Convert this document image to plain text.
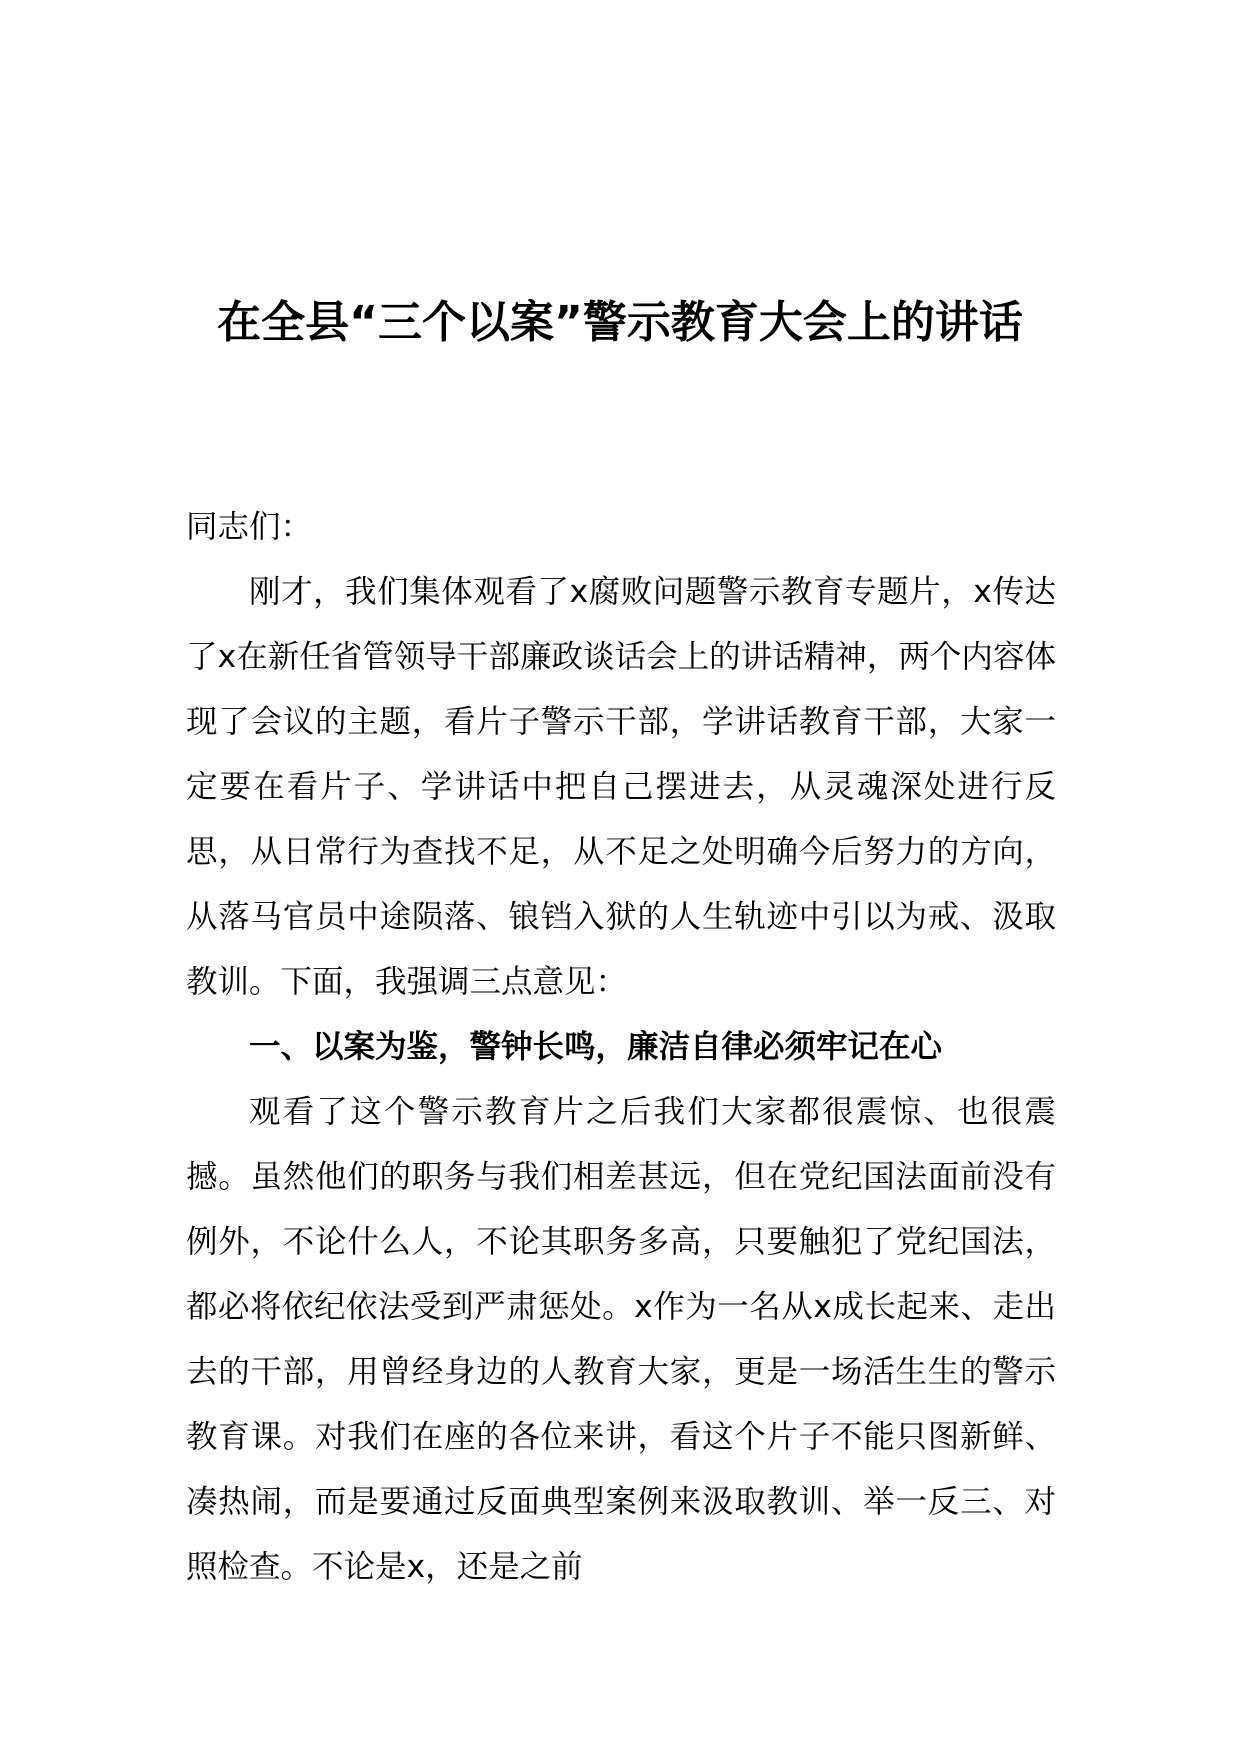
在全县“三个以案”警示教育大会上的讲话

同志们：

刚才，我们集体观看了x腐败问题警示教育专题片，x传达了x在新任省管领导干部廉政谈话会上的讲话精神，两个内容体现了会议的主题，看片子警示干部，学讲话教育干部，大家一定要在看片子、学讲话中把自己摆进去，从灵魂深处进行反思，从日常行为查找不足，从不足之处明确今后努力的方向，从落马官员中途陨落、锒铛入狱的人生轨迹中引以为戒、汲取教训。下面，我强调三点意见：

一、以案为鉴，警钟长鸣，廉洁自律必须牢记在心

观看了这个警示教育片之后我们大家都很震惊、也很震撼。虽然他们的职务与我们相差甚远，但在党纪国法面前没有例外，不论什么人，不论其职务多高，只要触犯了党纪国法，都必将依纪依法受到严肃惩处。x作为一名从x成长起来、走出去的干部，用曾经身边的人教育大家，更是一场活生生的警示教育课。对我们在座的各位来讲，看这个片子不能只图新鲜、凑热闹，而是要通过反面典型案例来汲取教训、举一反三、对照检查。不论是x，还是之前
